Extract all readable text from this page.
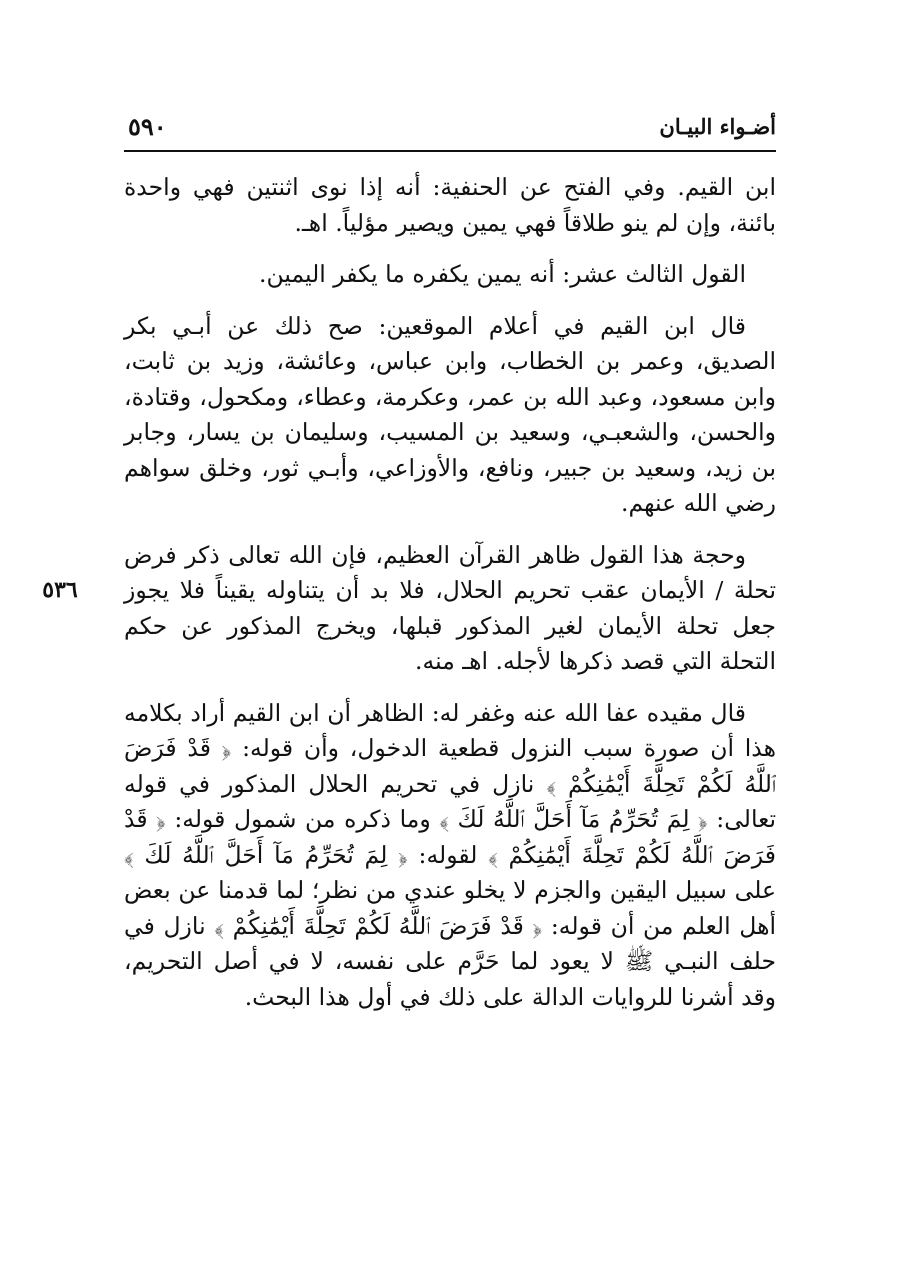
أضـواء البيـان
٥٩٠

ابن القيم. وفي الفتح عن الحنفية: أنه إذا نوى اثنتين فهي واحدة بائنة، وإن لم ينو طلاقاً فهي يمين ويصير مؤلياً. اهـ.

القول الثالث عشر: أنه يمين يكفره ما يكفر اليمين.

قال ابن القيم في أعلام الموقعين: صح ذلك عن أبـي بكر الصديق، وعمر بن الخطاب، وابن عباس، وعائشة، وزيد بن ثابت، وابن مسعود، وعبد الله بن عمر، وعكرمة، وعطاء، ومكحول، وقتادة، والحسن، والشعبـي، وسعيد بن المسيب، وسليمان بن يسار، وجابر بن زيد، وسعيد بن جبير، ونافع، والأوزاعي، وأبـي ثور، وخلق سواهم رضي الله عنهم.

٥٣٦

وحجة هذا القول ظاهر القرآن العظيم، فإن الله تعالى ذكر فرض تحلة / الأيمان عقب تحريم الحلال، فلا بد أن يتناوله يقيناً فلا يجوز جعل تحلة الأيمان لغير المذكور قبلها، ويخرج المذكور عن حكم التحلة التي قصد ذكرها لأجله. اهـ منه.

قال مقيده عفا الله عنه وغفر له: الظاهر أن ابن القيم أراد بكلامه هذا أن صورة سبب النزول قطعية الدخول، وأن قوله: ﴿ قَدْ فَرَضَ ٱللَّهُ لَكُمْ تَحِلَّةَ أَيْمَٰنِكُمْ ﴾ نازل في تحريم الحلال المذكور في قوله تعالى: ﴿ لِمَ تُحَرِّمُ مَآ أَحَلَّ ٱللَّهُ لَكَ ﴾ وما ذكره من شمول قوله: ﴿ قَدْ فَرَضَ ٱللَّهُ لَكُمْ تَحِلَّةَ أَيْمَٰنِكُمْ ﴾ لقوله: ﴿ لِمَ تُحَرِّمُ مَآ أَحَلَّ ٱللَّهُ لَكَ ﴾ على سبيل اليقين والجزم لا يخلو عندي من نظر؛ لما قدمنا عن بعض أهل العلم من أن قوله: ﴿ قَدْ فَرَضَ ٱللَّهُ لَكُمْ تَحِلَّةَ أَيْمَٰنِكُمْ ﴾ نازل في حلف النبـي ﷺ لا يعود لما حَرَّم على نفسه، لا في أصل التحريم، وقد أشرنا للروايات الدالة على ذلك في أول هذا البحث.
